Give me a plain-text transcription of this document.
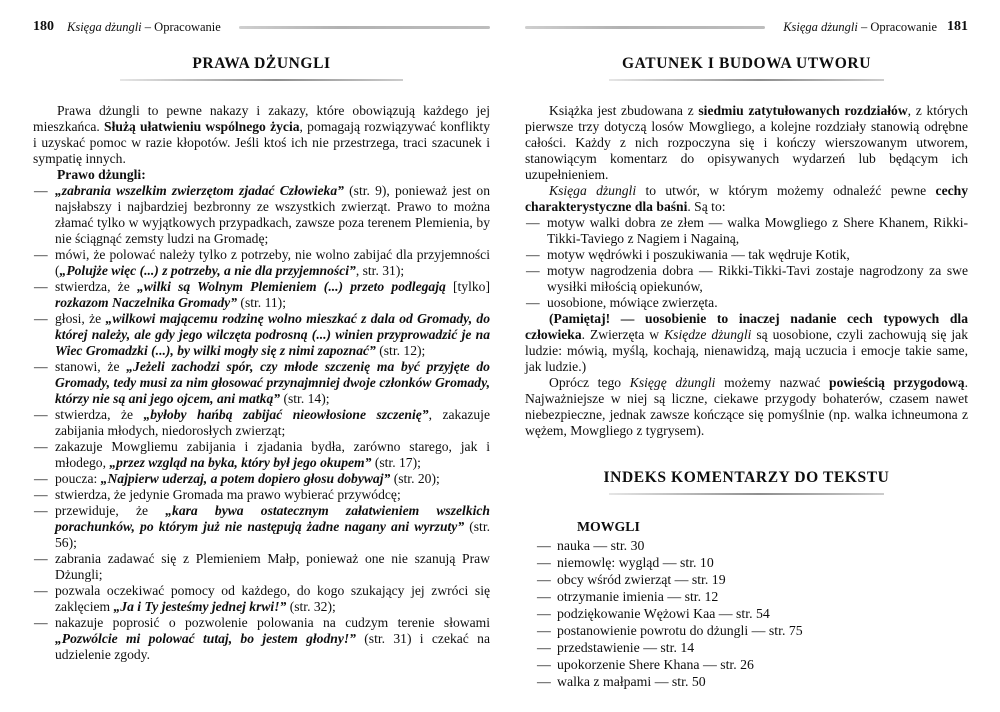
180 Księga dżungli – Opracowanie
PRAWA DŻUNGLI

Prawa dżungli to pewne nakazy i zakazy, które obowiązują każdego jej mieszkańca. Służą ułatwieniu wspólnego życia, pomagają rozwiązywać konflikty i uzyskać pomoc w razie kłopotów. Jeśli ktoś ich nie przestrzega, traci szacunek i sympatię innych.

Prawo dżungli:

— „zabrania wszelkim zwierzętom zjadać Człowieka” (str. 9), ponieważ jest on najsłabszy i najbardziej bezbronny ze wszystkich zwierząt. Prawo to można złamać tylko w wyjątkowych przypadkach, zawsze poza terenem Plemienia, by nie ściągnąć zemsty ludzi na Gromadę;
— mówi, że polować należy tylko z potrzeby, nie wolno zabijać dla przyjemności („Polujże więc (...) z potrzeby, a nie dla przyjemności”, str. 31);
— stwierdza, że „wilki są Wolnym Plemieniem (...) przeto podlegają [tylko] rozkazom Naczelnika Gromady” (str. 11);
— głosi, że „wilkowi mającemu rodzinę wolno mieszkać z dala od Gromady, do której należy, ale gdy jego wilczęta podrosną (...) winien przyprowadzić je na Wiec Gromadzki (...), by wilki mogły się z nimi zapoznać” (str. 12);
— stanowi, że „Jeżeli zachodzi spór, czy młode szczenię ma być przyjęte do Gromady, tedy musi za nim głosować przynajmniej dwoje członków Gromady, którzy nie są ani jego ojcem, ani matką” (str. 14);
— stwierdza, że „byłoby hańbą zabijać nieowłosione szczenię”, zakazuje zabijania młodych, niedorosłych zwierząt;
— zakazuje Mowgliemu zabijania i zjadania bydła, zarówno starego, jak i młodego, „przez wzgląd na byka, który był jego okupem” (str. 17);
— poucza: „Najpierw uderzaj, a potem dopiero głosu dobywaj” (str. 20);
— stwierdza, że jedynie Gromada ma prawo wybierać przywódcę;
— przewiduje, że „kara bywa ostatecznym załatwieniem wszelkich porachunków, po którym już nie następują żadne nagany ani wyrzuty” (str. 56);
— zabrania zadawać się z Plemieniem Małp, ponieważ one nie szanują Praw Dżungli;
— pozwala oczekiwać pomocy od każdego, do kogo szukający jej zwróci się zaklęciem „Ja i Ty jesteśmy jednej krwi!” (str. 32);
— nakazuje poprosić o pozwolenie polowania na cudzym terenie słowami „Pozwólcie mi polować tutaj, bo jestem głodny!” (str. 31) i czekać na udzielenie zgody.
Księga dżungli – Opracowanie 181
GATUNEK I BUDOWA UTWORU

Książka jest zbudowana z siedmiu zatytułowanych rozdziałów, z których pierwsze trzy dotyczą losów Mowgliego, a kolejne rozdziały stanowią odrębne całości. Każdy z nich rozpoczyna się i kończy wierszowanym utworem, stanowiącym komentarz do opisywanych wydarzeń lub będącym ich uzupełnieniem.

Księga dżungli to utwór, w którym możemy odnaleźć pewne cechy charakterystyczne dla baśni. Są to:

— motyw walki dobra ze złem — walka Mowgliego z Shere Khanem, Rikki-Tikki-Taviego z Nagiem i Nagainą,
— motyw wędrówki i poszukiwania — tak wędruje Kotik,
— motyw nagrodzenia dobra — Rikki-Tikki-Tavi zostaje nagrodzony za swe wysiłki miłością opiekunów,
— uosobione, mówiące zwierzęta.

(Pamiętaj! — uosobienie to inaczej nadanie cech typowych dla człowieka. Zwierzęta w Księdze dżungli są uosobione, czyli zachowują się jak ludzie: mówią, myślą, kochają, nienawidzą, mają uczucia i emocje takie same, jak ludzie.)

Oprócz tego Księgę dżungli możemy nazwać powieścią przygodową. Najważniejsze w niej są liczne, ciekawe przygody bohaterów, czasem nawet niebezpieczne, jednak zawsze kończące się pomyślnie (np. walka ichneumona z wężem, Mowgliego z tygrysem).

INDEKS KOMENTARZY DO TEKSTU
MOWGLI
— nauka — str. 30
— niemowlę: wygląd — str. 10
— obcy wśród zwierząt — str. 19
— otrzymanie imienia — str. 12
— podziękowanie Wężowi Kaa — str. 54
— postanowienie powrotu do dżungli — str. 75
— przedstawienie — str. 14
— upokorzenie Shere Khana — str. 26
— walka z małpami — str. 50
